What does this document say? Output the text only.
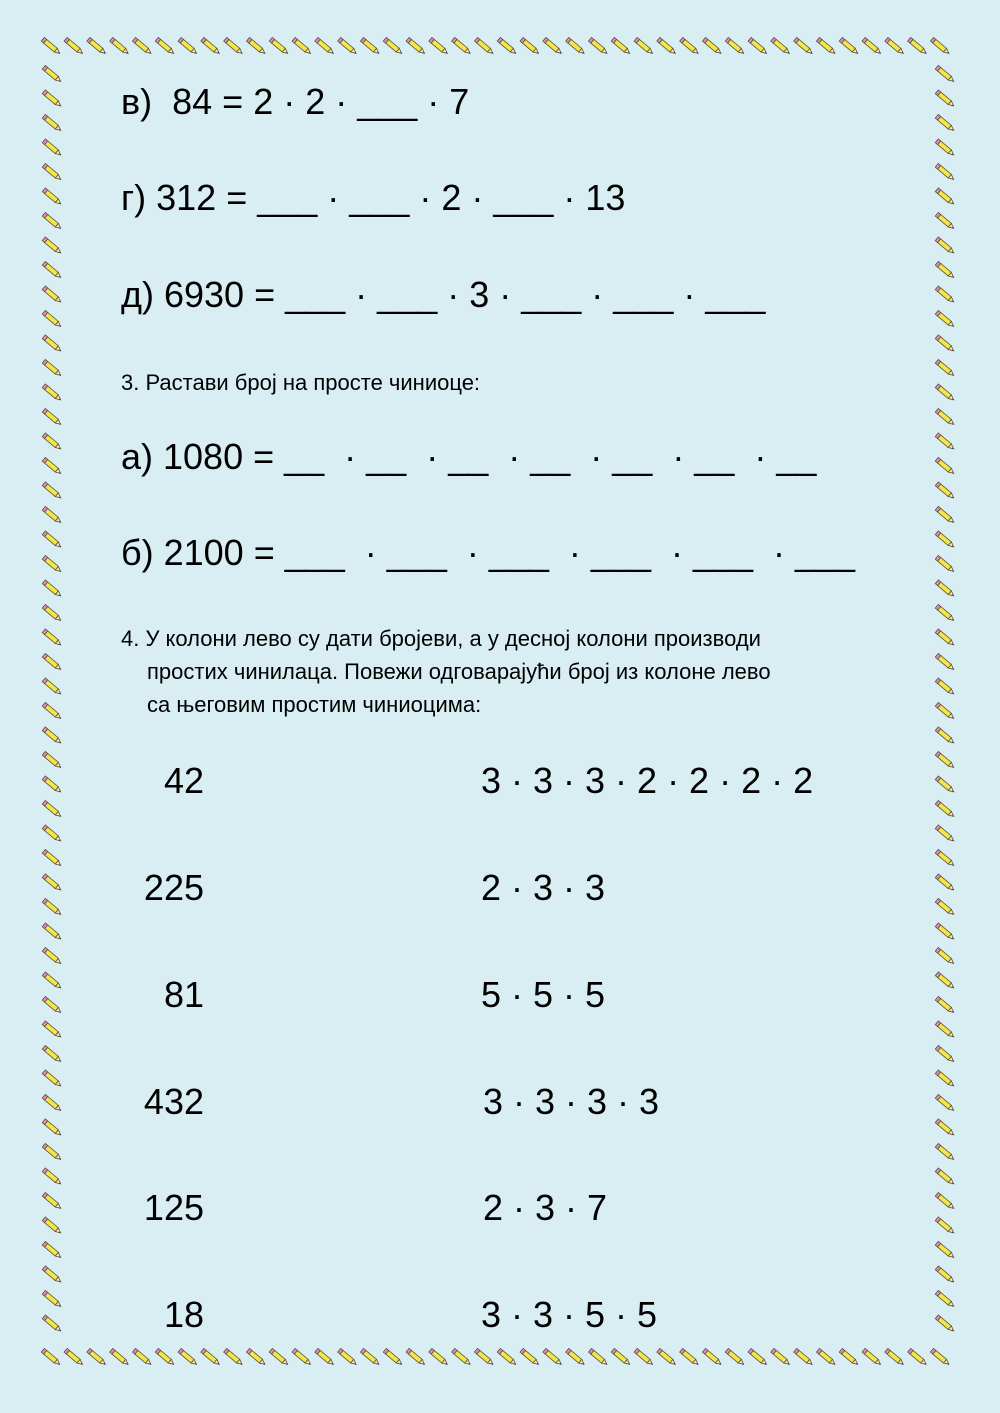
в)  84 = 2 · 2 · ___ · 7
г) 312 = ___ · ___ · 2 · ___ · 13
д) 6930 = ___ · ___ · 3 · ___ · ___ · ___
3. Растави број на просте чиниоце:
а) 1080 = __  · __  · __  · __  · __  · __  · __
б) 2100 = ___  · ___  · ___  · ___  · ___  · ___
4. У колони лево су дати бројеви, а у десној колони производи
простих чинилаца. Повежи одговарајући број из колоне лево
са његовим простим чиниоцима:
42
225
81
432
125
18
3 · 3 · 3 · 2 · 2 · 2 · 2
2 · 3 · 3
5 · 5 · 5
3 · 3 · 3 · 3
2 · 3 · 7
3 · 3 · 5 · 5
